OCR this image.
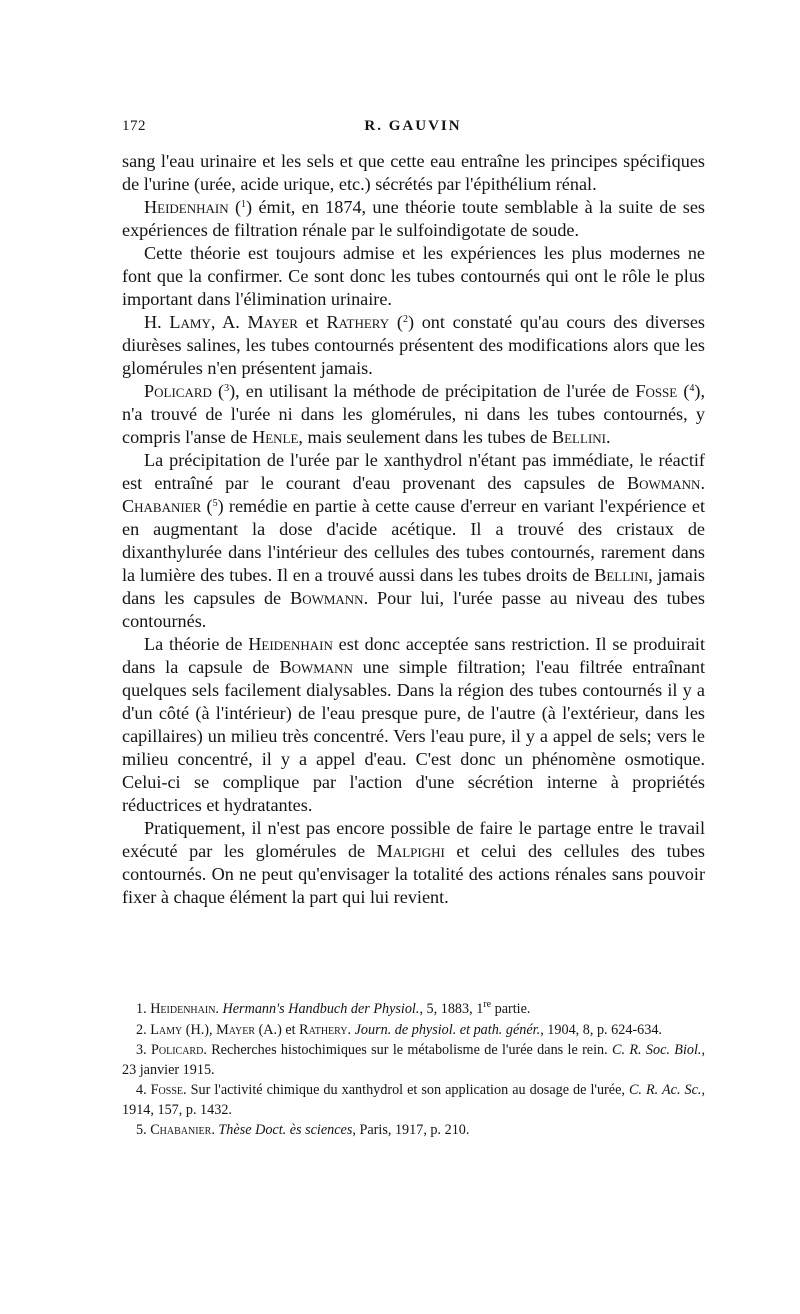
172	R. GAUVIN

sang l'eau urinaire et les sels et que cette eau entraîne les principes spécifiques de l'urine (urée, acide urique, etc.) sécrétés par l'épithélium rénal.

Heidenhain ($^1$) émit, en 1874, une théorie toute semblable à la suite de ses expériences de filtration rénale par le sulfoindigotate de soude.

Cette théorie est toujours admise et les expériences les plus modernes ne font que la confirmer. Ce sont donc les tubes contournés qui ont le rôle le plus important dans l'élimination urinaire.

H. Lamy, A. Mayer et Rathery ($^2$) ont constaté qu'au cours des diverses diurèses salines, les tubes contournés présentent des modifications alors que les glomérules n'en présentent jamais.

Policard ($^3$), en utilisant la méthode de précipitation de l'urée de Fosse ($^4$), n'a trouvé de l'urée ni dans les glomérules, ni dans les tubes contournés, y compris l'anse de Henle, mais seulement dans les tubes de Bellini.

La précipitation de l'urée par le xanthydrol n'étant pas immédiate, le réactif est entraîné par le courant d'eau provenant des capsules de Bowmann. Chabanier ($^5$) remédie en partie à cette cause d'erreur en variant l'expérience et en augmentant la dose d'acide acétique. Il a trouvé des cristaux de dixanthylurée dans l'intérieur des cellules des tubes contournés, rarement dans la lumière des tubes. Il en a trouvé aussi dans les tubes droits de Bellini, jamais dans les capsules de Bowmann. Pour lui, l'urée passe au niveau des tubes contournés.

La théorie de Heidenhain est donc acceptée sans restriction. Il se produirait dans la capsule de Bowmann une simple filtration; l'eau filtrée entraînant quelques sels facilement dialysables. Dans la région des tubes contournés il y a d'un côté (à l'intérieur) de l'eau presque pure, de l'autre (à l'extérieur, dans les capillaires) un milieu très concentré. Vers l'eau pure, il y a appel de sels; vers le milieu concentré, il y a appel d'eau. C'est donc un phénomène osmotique. Celui-ci se complique par l'action d'une sécrétion interne à propriétés réductrices et hydratantes.

Pratiquement, il n'est pas encore possible de faire le partage entre le travail exécuté par les glomérules de Malpighi et celui des cellules des tubes contournés. On ne peut qu'envisager la totalité des actions rénales sans pouvoir fixer à chaque élément la part qui lui revient.

1. Heidenhain. Hermann's Handbuch der Physiol., 5, 1883, 1re partie.

2. Lamy (H.), Mayer (A.) et Rathery. Journ. de physiol. et path. génér., 1904, 8, p. 624-634.

3. Policard. Recherches histochimiques sur le métabolisme de l'urée dans le rein. C. R. Soc. Biol., 23 janvier 1915.

4. Fosse. Sur l'activité chimique du xanthydrol et son application au dosage de l'urée, C. R. Ac. Sc., 1914, 157, p. 1432.

5. Chabanier. Thèse Doct. ès sciences, Paris, 1917, p. 210.
